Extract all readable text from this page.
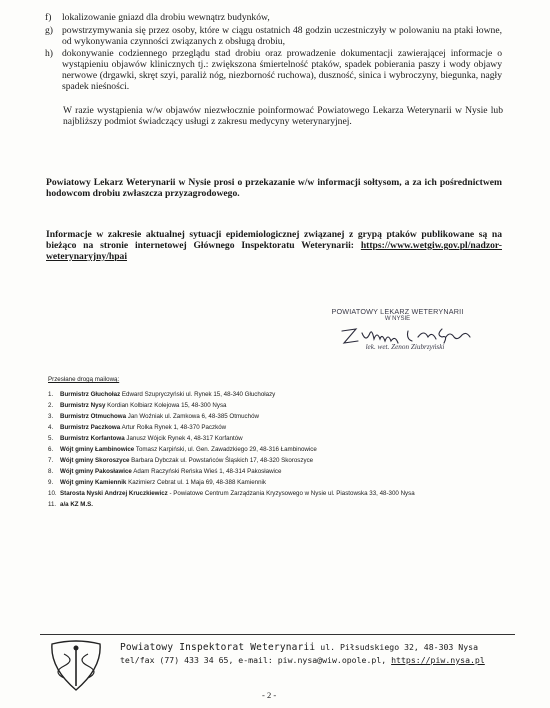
f) lokalizowanie gniazd dla drobiu wewnątrz budynków,
g) powstrzymywania się przez osoby, które w ciągu ostatnich 48 godzin uczestniczyły w polowaniu na ptaki łowne, od wykonywania czynności związanych z obsługą drobiu,
h) dokonywanie codziennego przeglądu stad drobiu oraz prowadzenie dokumentacji zawierającej informacje o wystąpieniu objawów klinicznych tj.: zwiększona śmiertelność ptaków, spadek pobierania paszy i wody objawy nerwowe (drgawki, skręt szyi, paraliż nóg, niezborność ruchowa), duszność, sinica i wybroczyny, biegunka, nagły spadek nieśności.
W razie wystąpienia w/w objawów niezwłocznie poinformować Powiatowego Lekarza Weterynarii w Nysie lub najbliższy podmiot świadczący usługi z zakresu medycyny weterynaryjnej.
Powiatowy Lekarz Weterynarii w Nysie prosi o przekazanie w/w informacji sołtysom, a za ich pośrednictwem hodowcom drobiu zwłaszcza przyzagrodowego.
Informacje w zakresie aktualnej sytuacji epidemiologicznej związanej z grypą ptaków publikowane są na bieżąco na stronie internetowej Głównego Inspektoratu Weterynarii: https://www.wetgiw.gov.pl/nadzor-weterynaryjny/hpai
POWIATOWY LEKARZ WETERYNARII
W NYSIE
lek. wet. Zenon Ziubrzyński
Przesłane drogą mailową:
1. Burmistrz Głuchołaz Edward Szupryczyński ul. Rynek 15, 48-340 Głuchołazy
2. Burmistrz Nysy Kordian Kolbiarz Kolejowa 15, 48-300 Nysa
3. Burmistrz Otmuchowa Jan Woźniak ul. Zamkowa 6, 48-385 Otmuchów
4. Burmistrz Paczkowa Artur Rolka Rynek 1, 48-370 Paczków
5. Burmistrz Korfantowa Janusz Wójcik Rynek 4, 48-317 Korfantów
6. Wójt gminy Łambinowice Tomasz Karpiński, ul. Gen. Zawadzkiego 29, 48-316 Łambinowice
7. Wójt gminy Skoroszyce Barbara Dybczak ul. Powstańców Śląskich 17, 48-320 Skoroszyce
8. Wójt gminy Pakosławice Adam Raczyński Reńska Wieś 1, 48-314 Pakosławice
9. Wójt gminy Kamiennik Kazimierz Cebrat ul. 1 Maja 69, 48-388 Kamiennik
10. Starosta Nyski Andrzej Kruczkiewicz - Powiatowe Centrum Zarządzania Kryzysowego w Nysie ul. Piastowska 33, 48-300 Nysa
11. a/a KZ M.S.
Powiatowy Inspektorat Weterynarii ul. Piłsudskiego 32, 48-303 Nysa
tel/fax (77) 433 34 65, e-mail: piw.nysa@wiw.opole.pl, https://piw.nysa.pl
- 2 -
